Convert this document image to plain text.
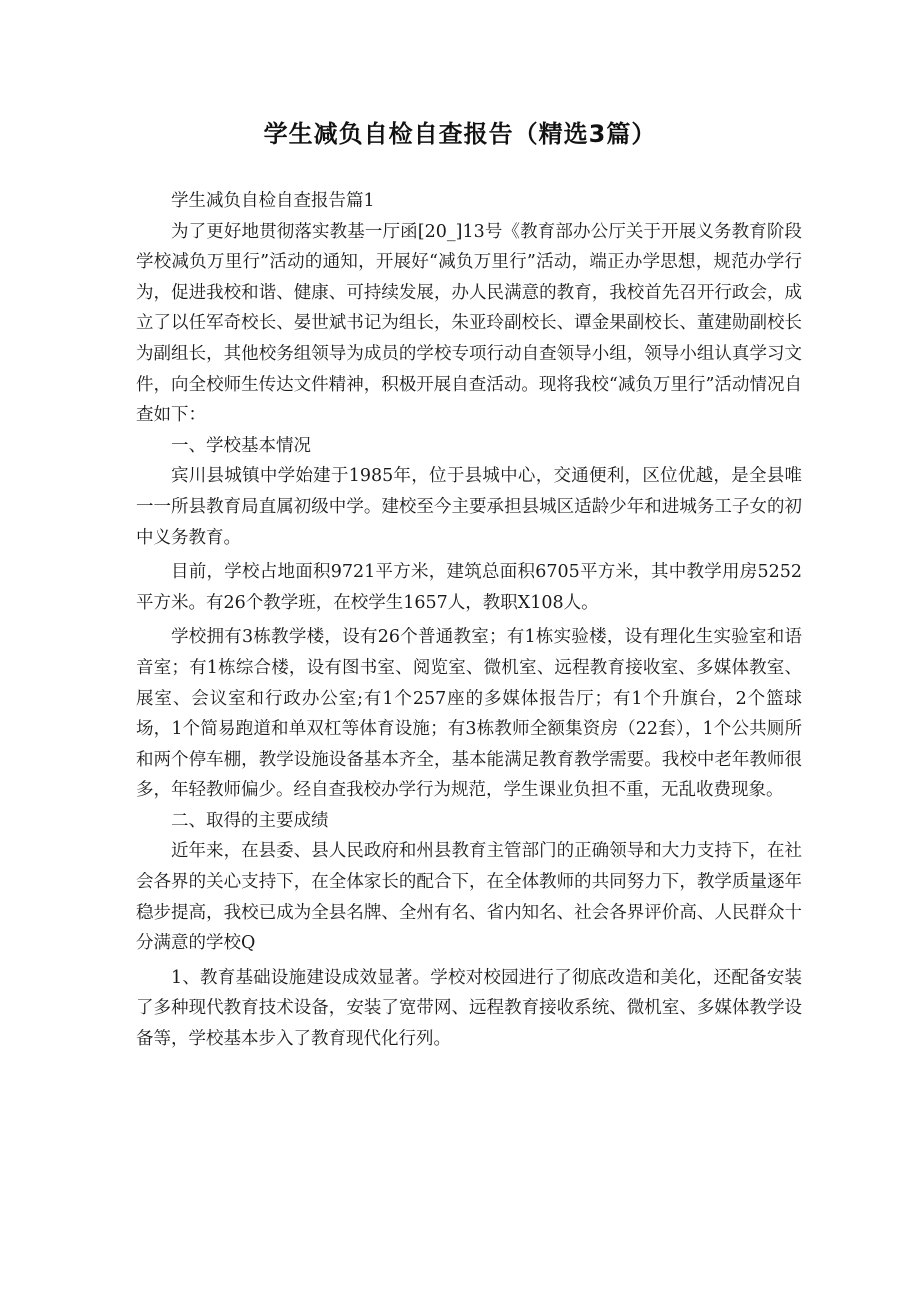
学生减负自检自查报告（精选3篇）

学生减负自检自查报告篇1

为了更好地贯彻落实教基一厅函[20_]13号《教育部办公厅关于开展义务教育阶段学校减负万里行”活动的通知，开展好“减负万里行”活动，端正办学思想，规范办学行为，促进我校和谐、健康、可持续发展，办人民满意的教育，我校首先召开行政会，成立了以任军奇校长、晏世斌书记为组长，朱亚玲副校长、谭金果副校长、董建勋副校长为副组长，其他校务组领导为成员的学校专项行动自查领导小组，领导小组认真学习文件，向全校师生传达文件精神，积极开展自查活动。现将我校“减负万里行”活动情况自查如下：

一、学校基本情况

宾川县城镇中学始建于1985年，位于县城中心，交通便利，区位优越，是全县唯一一所县教育局直属初级中学。建校至今主要承担县城区适龄少年和进城务工子女的初中义务教育。

目前，学校占地面积9721平方米，建筑总面积6705平方米，其中教学用房5252平方米。有26个教学班，在校学生1657人，教职X108人。

学校拥有3栋教学楼，设有26个普通教室；有1栋实验楼，设有理化生实验室和语音室；有1栋综合楼，设有图书室、阅览室、微机室、远程教育接收室、多媒体教室、展室、会议室和行政办公室;有1个257座的多媒体报告厅；有1个升旗台，2个篮球场，1个简易跑道和单双杠等体育设施；有3栋教师全额集资房（22套），1个公共厕所和两个停车棚，教学设施设备基本齐全，基本能满足教育教学需要。我校中老年教师很多，年轻教师偏少。经自查我校办学行为规范，学生课业负担不重，无乱收费现象。

二、取得的主要成绩

近年来，在县委、县人民政府和州县教育主管部门的正确领导和大力支持下，在社会各界的关心支持下，在全体家长的配合下，在全体教师的共同努力下，教学质量逐年稳步提高，我校已成为全县名牌、全州有名、省内知名、社会各界评价高、人民群众十分满意的学校Q

1、教育基础设施建设成效显著。学校对校园进行了彻底改造和美化，还配备安装了多种现代教育技术设备，安装了宽带网、远程教育接收系统、微机室、多媒体教学设备等，学校基本步入了教育现代化行列。
